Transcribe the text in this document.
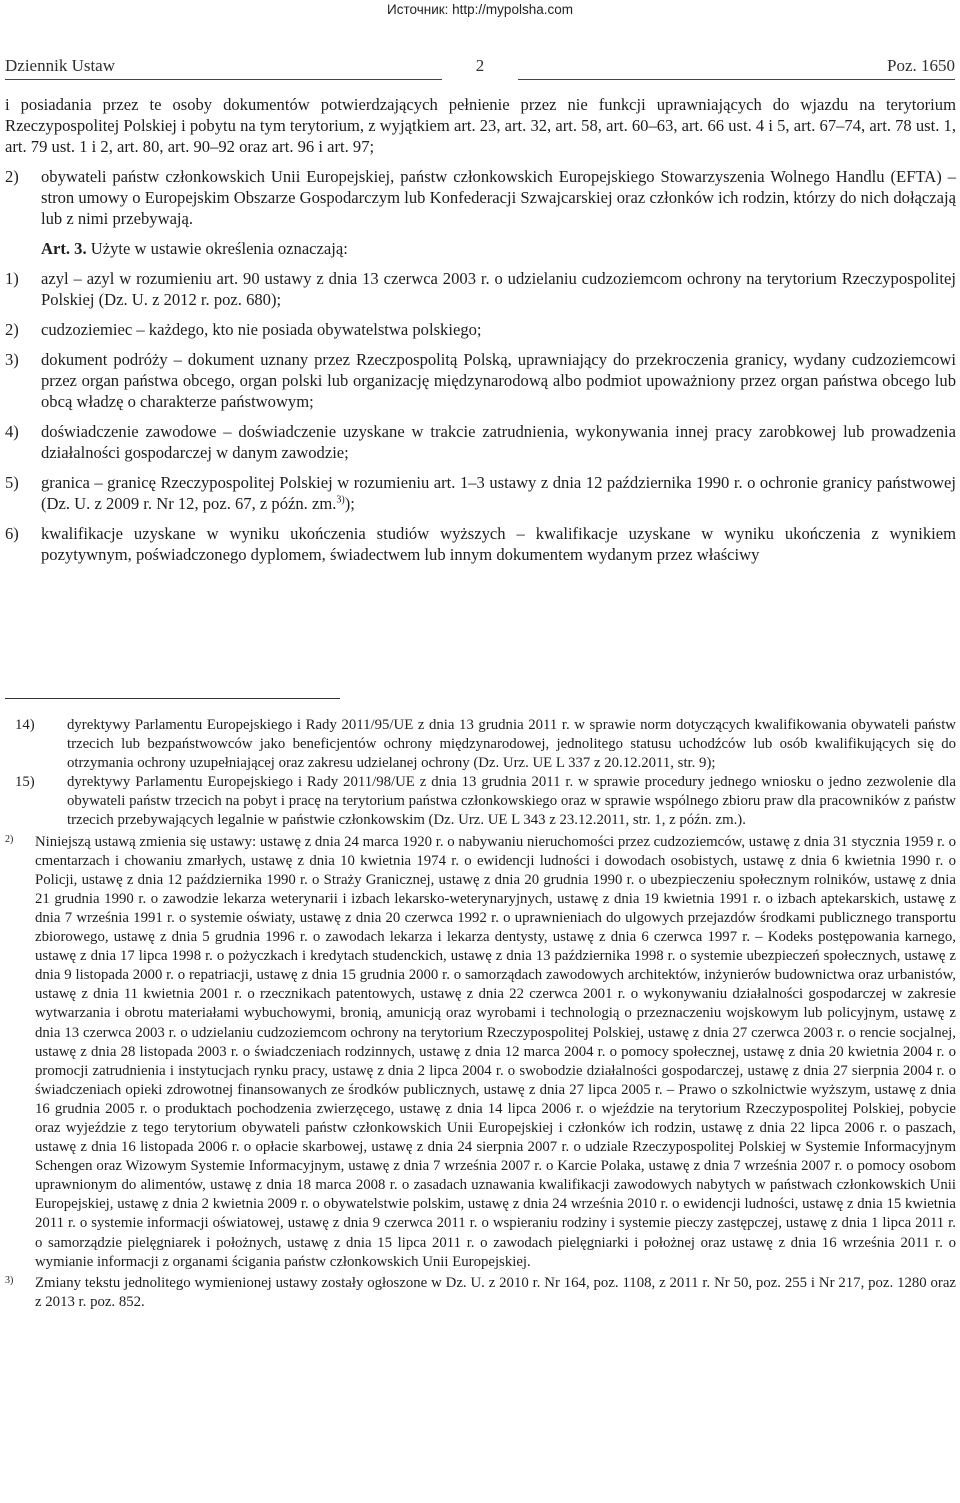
Источник: http://mypolsha.com
Dziennik Ustaw	2	Poz. 1650
i posiadania przez te osoby dokumentów potwierdzających pełnienie przez nie funkcji uprawniających do wjazdu na terytorium Rzeczypospolitej Polskiej i pobytu na tym terytorium, z wyjątkiem art. 23, art. 32, art. 58, art. 60–63, art. 66 ust. 4 i 5, art. 67–74, art. 78 ust. 1, art. 79 ust. 1 i 2, art. 80, art. 90–92 oraz art. 96 i art. 97;
2) obywateli państw członkowskich Unii Europejskiej, państw członkowskich Europejskiego Stowarzyszenia Wolnego Handlu (EFTA) – stron umowy o Europejskim Obszarze Gospodarczym lub Konfederacji Szwajcarskiej oraz członków ich rodzin, którzy do nich dołączają lub z nimi przebywają.
Art. 3. Użyte w ustawie określenia oznaczają:
1) azyl – azyl w rozumieniu art. 90 ustawy z dnia 13 czerwca 2003 r. o udzielaniu cudzoziemcom ochrony na terytorium Rzeczypospolitej Polskiej (Dz. U. z 2012 r. poz. 680);
2) cudzoziemiec – każdego, kto nie posiada obywatelstwa polskiego;
3) dokument podróży – dokument uznany przez Rzeczpospolitą Polską, uprawniający do przekroczenia granicy, wydany cudzoziemcowi przez organ państwa obcego, organ polski lub organizację międzynarodową albo podmiot upoważniony przez organ państwa obcego lub obcą władzę o charakterze państwowym;
4) doświadczenie zawodowe – doświadczenie uzyskane w trakcie zatrudnienia, wykonywania innej pracy zarobkowej lub prowadzenia działalności gospodarczej w danym zawodzie;
5) granica – granicę Rzeczypospolitej Polskiej w rozumieniu art. 1–3 ustawy z dnia 12 października 1990 r. o ochronie granicy państwowej (Dz. U. z 2009 r. Nr 12, poz. 67, z późn. zm.$^{3)}$);
6) kwalifikacje uzyskane w wyniku ukończenia studiów wyższych – kwalifikacje uzyskane w wyniku ukończenia z wynikiem pozytywnym, poświadczonego dyplomem, świadectwem lub innym dokumentem wydanym przez właściwy
14) dyrektywy Parlamentu Europejskiego i Rady 2011/95/UE z dnia 13 grudnia 2011 r. w sprawie norm dotyczących kwalifikowania obywateli państw trzecich lub bezpaństwowców jako beneficjentów ochrony międzynarodowej, jednolitego statusu uchodźców lub osób kwalifikujących się do otrzymania ochrony uzupełniającej oraz zakresu udzielanej ochrony (Dz. Urz. UE L 337 z 20.12.2011, str. 9);
15) dyrektywy Parlamentu Europejskiego i Rady 2011/98/UE z dnia 13 grudnia 2011 r. w sprawie procedury jednego wniosku o jedno zezwolenie dla obywateli państw trzecich na pobyt i pracę na terytorium państwa członkowskiego oraz w sprawie wspólnego zbioru praw dla pracowników z państw trzecich przebywających legalnie w państwie członkowskim (Dz. Urz. UE L 343 z 23.12.2011, str. 1, z późn. zm.).
2) Niniejszą ustawą zmienia się ustawy: ustawę z dnia 24 marca 1920 r. o nabywaniu nieruchomości przez cudzoziemców, ustawę z dnia 31 stycznia 1959 r. o cmentarzach i chowaniu zmarłych, ustawę z dnia 10 kwietnia 1974 r. o ewidencji ludności i dowodach osobistych, ustawę z dnia 6 kwietnia 1990 r. o Policji, ustawę z dnia 12 października 1990 r. o Straży Granicznej, ustawę z dnia 20 grudnia 1990 r. o ubezpieczeniu społecznym rolników, ustawę z dnia 21 grudnia 1990 r. o zawodzie lekarza weterynarii i izbach lekarsko-weterynaryjnych, ustawę z dnia 19 kwietnia 1991 r. o izbach aptekarskich, ustawę z dnia 7 września 1991 r. o systemie oświaty, ustawę z dnia 20 czerwca 1992 r. o uprawnieniach do ulgowych przejazdów środkami publicznego transportu zbiorowego, ustawę z dnia 5 grudnia 1996 r. o zawodach lekarza i lekarza dentysty, ustawę z dnia 6 czerwca 1997 r. – Kodeks postępowania karnego, ustawę z dnia 17 lipca 1998 r. o pożyczkach i kredytach studenckich, ustawę z dnia 13 października 1998 r. o systemie ubezpieczeń społecznych, ustawę z dnia 9 listopada 2000 r. o repatriacji, ustawę z dnia 15 grudnia 2000 r. o samorządach zawodowych architektów, inżynierów budownictwa oraz urbanistów, ustawę z dnia 11 kwietnia 2001 r. o rzecznikach patentowych, ustawę z dnia 22 czerwca 2001 r. o wykonywaniu działalności gospodarczej w zakresie wytwarzania i obrotu materiałami wybuchowymi, bronią, amunicją oraz wyrobami i technologią o przeznaczeniu wojskowym lub policyjnym, ustawę z dnia 13 czerwca 2003 r. o udzielaniu cudzoziemcom ochrony na terytorium Rzeczypospolitej Polskiej, ustawę z dnia 27 czerwca 2003 r. o rencie socjalnej, ustawę z dnia 28 listopada 2003 r. o świadczeniach rodzinnych, ustawę z dnia 12 marca 2004 r. o pomocy społecznej, ustawę z dnia 20 kwietnia 2004 r. o promocji zatrudnienia i instytucjach rynku pracy, ustawę z dnia 2 lipca 2004 r. o swobodzie działalności gospodarczej, ustawę z dnia 27 sierpnia 2004 r. o świadczeniach opieki zdrowotnej finansowanych ze środków publicznych, ustawę z dnia 27 lipca 2005 r. – Prawo o szkolnictwie wyższym, ustawę z dnia 16 grudnia 2005 r. o produktach pochodzenia zwierzęcego, ustawę z dnia 14 lipca 2006 r. o wjeździe na terytorium Rzeczypospolitej Polskiej, pobycie oraz wyjeździe z tego terytorium obywateli państw członkowskich Unii Europejskiej i członków ich rodzin, ustawę z dnia 22 lipca 2006 r. o paszach, ustawę z dnia 16 listopada 2006 r. o opłacie skarbowej, ustawę z dnia 24 sierpnia 2007 r. o udziale Rzeczypospolitej Polskiej w Systemie Informacyjnym Schengen oraz Wizowym Systemie Informacyjnym, ustawę z dnia 7 września 2007 r. o Karcie Polaka, ustawę z dnia 7 września 2007 r. o pomocy osobom uprawnionym do alimentów, ustawę z dnia 18 marca 2008 r. o zasadach uznawania kwalifikacji zawodowych nabytych w państwach członkowskich Unii Europejskiej, ustawę z dnia 2 kwietnia 2009 r. o obywatelstwie polskim, ustawę z dnia 24 września 2010 r. o ewidencji ludności, ustawę z dnia 15 kwietnia 2011 r. o systemie informacji oświatowej, ustawę z dnia 9 czerwca 2011 r. o wspieraniu rodziny i systemie pieczy zastępczej, ustawę z dnia 1 lipca 2011 r. o samorządzie pielęgniarek i położnych, ustawę z dnia 15 lipca 2011 r. o zawodach pielęgniarki i położnej oraz ustawę z dnia 16 września 2011 r. o wymianie informacji z organami ścigania państw członkowskich Unii Europejskiej.
3) Zmiany tekstu jednolitego wymienionej ustawy zostały ogłoszone w Dz. U. z 2010 r. Nr 164, poz. 1108, z 2011 r. Nr 50, poz. 255 i Nr 217, poz. 1280 oraz z 2013 r. poz. 852.
